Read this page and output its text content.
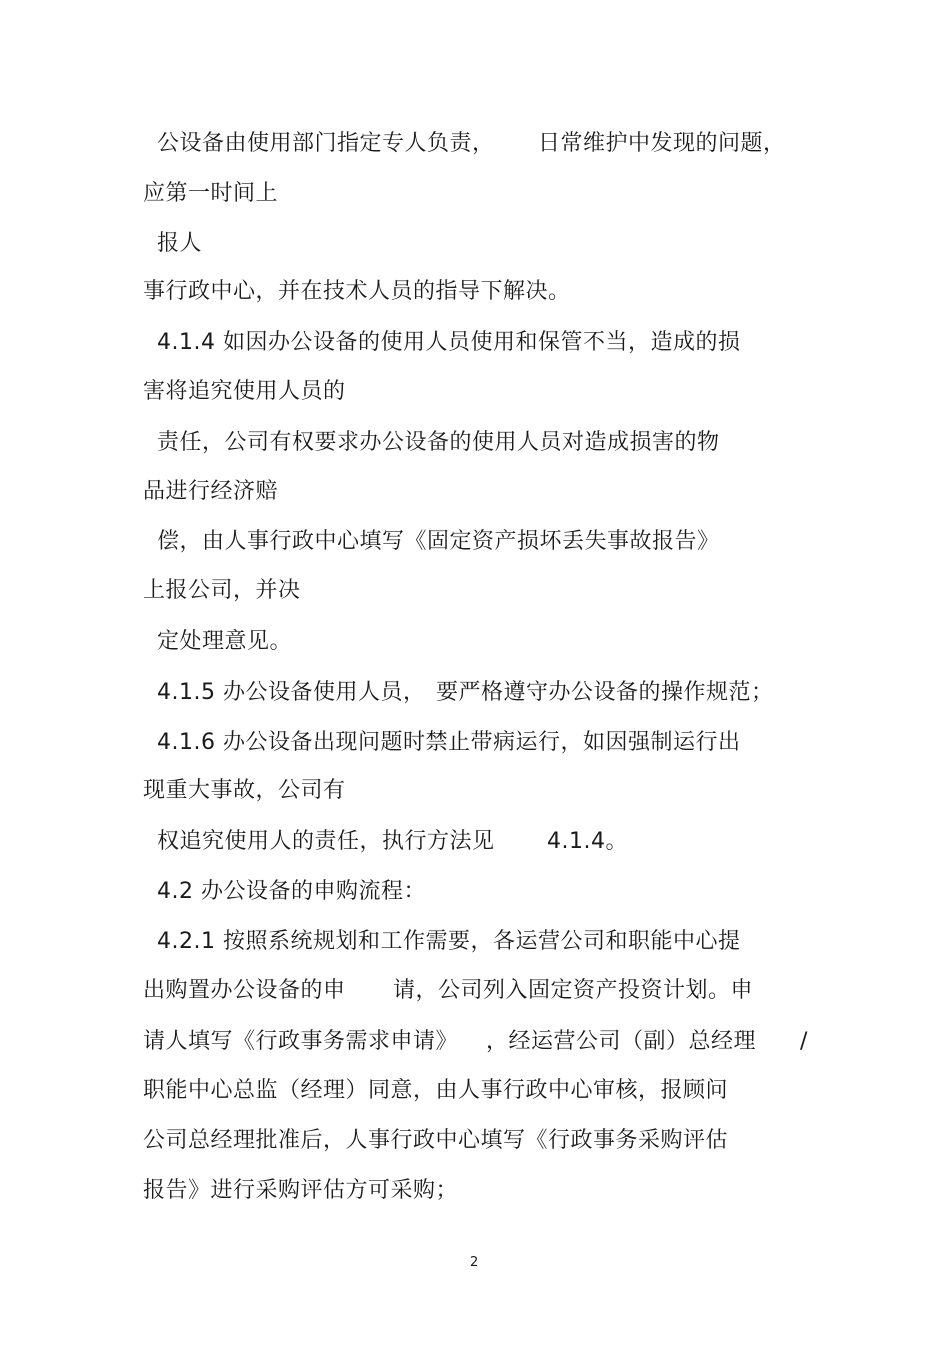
公设备由使用部门指定专人负责， 日常维护中发现的问题，
应第一时间上
报人
事行政中心，并在技术人员的指导下解决。
4.1.4 如因办公设备的使用人员使用和保管不当，造成的损
害将追究使用人员的
责任，公司有权要求办公设备的使用人员对造成损害的物
品进行经济赔
偿，由人事行政中心填写《固定资产损坏丢失事故报告》
上报公司，并决
定处理意见。
4.1.5 办公设备使用人员， 要严格遵守办公设备的操作规范；
4.1.6 办公设备出现问题时禁止带病运行，如因强制运行出
现重大事故，公司有
权追究使用人的责任，执行方法见 4.1.4。
4.2 办公设备的申购流程：
4.2.1 按照系统规划和工作需要，各运营公司和职能中心提
出购置办公设备的申 请，公司列入固定资产投资计划。申
请人填写《行政事务需求申请》 ，经运营公司（副）总经理 /
职能中心总监（经理）同意，由人事行政中心审核，报顾问
公司总经理批准后，人事行政中心填写《行政事务采购评估
报告》进行采购评估方可采购；
2
